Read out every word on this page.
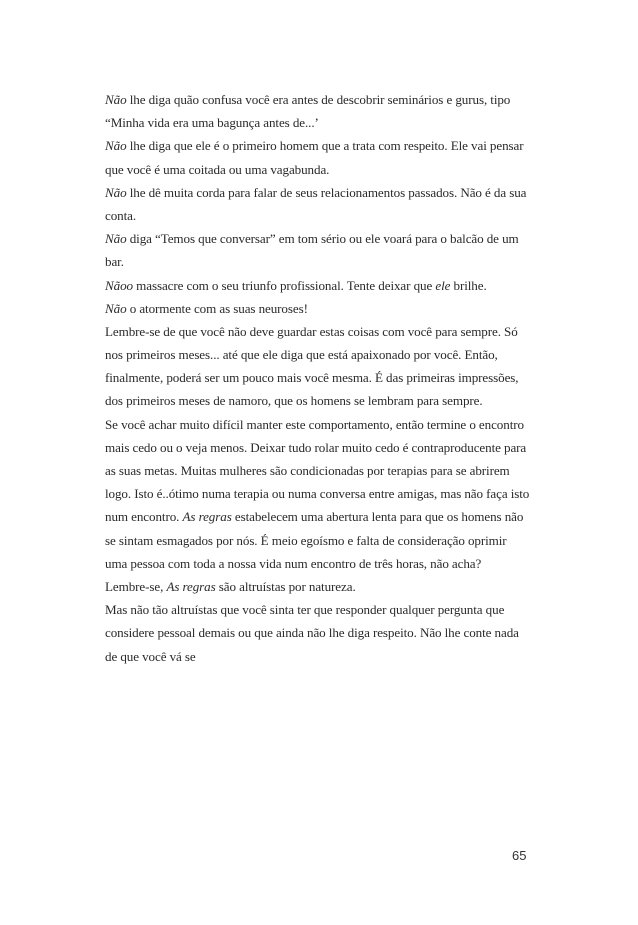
Não lhe diga quão confusa você era antes de descobrir seminários e gurus, tipo
“Minha vida era uma bagunça antes de...’
Não lhe diga que ele é o primeiro homem que a trata com respeito. Ele vai pensar
que você é uma coitada ou uma vagabunda.
Não lhe dê muita corda para falar de seus relacionamentos passados. Não é da sua
conta.
Não diga “Temos que conversar” em tom sério ou ele voará para o balcão de um
bar.
Nãoo massacre com o seu triunfo profissional. Tente deixar que ele brilhe.
Não o atormente com as suas neuroses!
Lembre-se de que você não deve guardar estas coisas com você para sempre. Só
nos primeiros meses... até que ele diga que está apaixonado por você. Então,
finalmente, poderá ser um pouco mais você mesma. É das primeiras impressões,
dos primeiros meses de namoro, que os homens se lembram para sempre.
Se você achar muito difícil manter este comportamento, então termine o encontro
mais cedo ou o veja menos. Deixar tudo rolar muito cedo é contraproducente para
as suas metas. Muitas mulheres são condicionadas por terapias para se abrirem
logo. Isto é..ótimo numa terapia ou numa conversa entre amigas, mas não faça isto
num encontro. As regras estabelecem uma abertura lenta para que os homens não
se sintam esmagados por nós. É meio egoísmo e falta de consideração oprimir
uma pessoa com toda a nossa vida num encontro de três horas, não acha?
Lembre-se, As regras são altruístas por natureza.
Mas não tão altruístas que você sinta ter que responder qualquer pergunta que
considere pessoal demais ou que ainda não lhe diga respeito. Não lhe conte nada
de que você vá se
65
